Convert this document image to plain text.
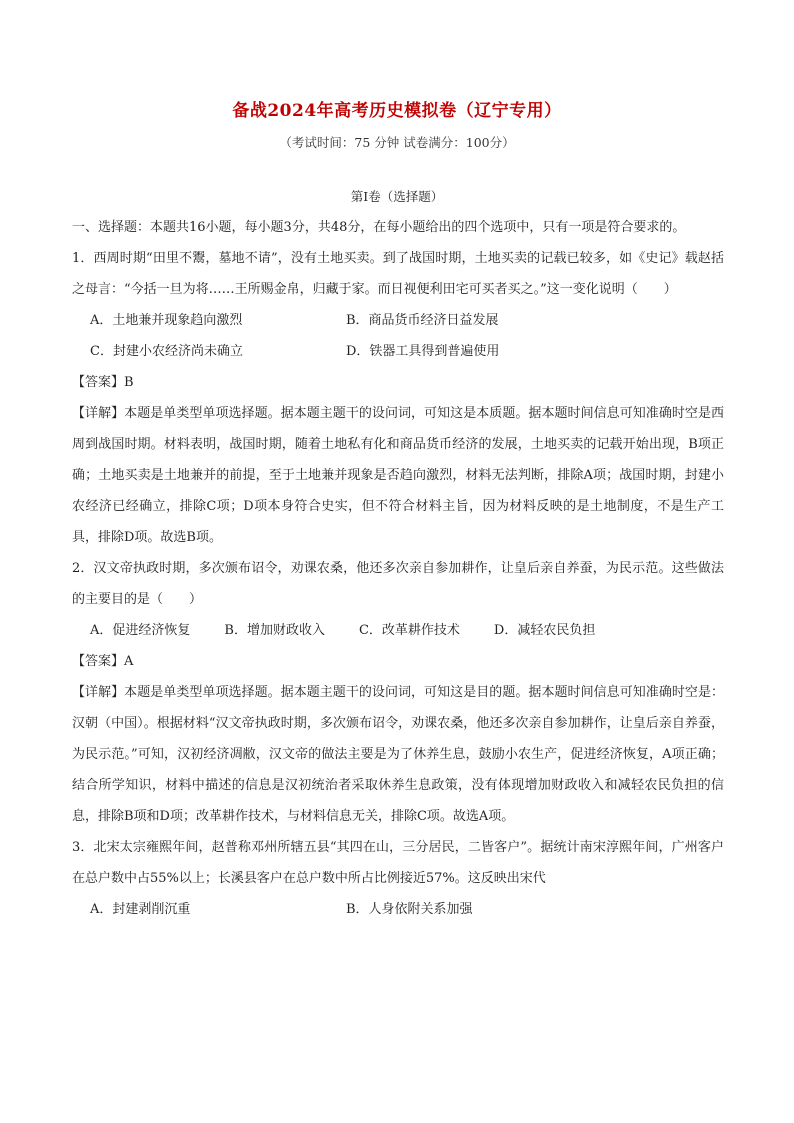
备战2024年高考历史模拟卷（辽宁专用）
（考试时间：75 分钟 试卷满分：100分）
第I卷（选择题）

一、选择题：本题共16小题，每小题3分，共48分，在每小题给出的四个选项中，只有一项是符合要求的。

1．西周时期“田里不鬻，墓地不请”，没有土地买卖。到了战国时期，土地买卖的记载已较多，如《史记》载赵括之母言：“今括一旦为将……王所赐金帛，归藏于家。而日视便利田宅可买者买之。”这一变化说明（　　）

A．土地兼并现象趋向激烈	B．商品货币经济日益发展
C．封建小农经济尚未确立	D．铁器工具得到普遍使用

【答案】B

【详解】本题是单类型单项选择题。据本题主题干的设问词，可知这是本质题。据本题时间信息可知准确时空是西周到战国时期。材料表明，战国时期，随着土地私有化和商品货币经济的发展，土地买卖的记载开始出现，B项正确；土地买卖是土地兼并的前提，至于土地兼并现象是否趋向激烈，材料无法判断，排除A项；战国时期，封建小农经济已经确立，排除C项；D项本身符合史实，但不符合材料主旨，因为材料反映的是土地制度，不是生产工具，排除D项。故选B项。

2．汉文帝执政时期，多次颁布诏令，劝课农桑，他还多次亲自参加耕作，让皇后亲自养蚕，为民示范。这些做法的主要目的是（　　）

A．促进经济恢复	B．增加财政收入	C．改革耕作技术	D．减轻农民负担

【答案】A

【详解】本题是单类型单项选择题。据本题主题干的设问词，可知这是目的题。据本题时间信息可知准确时空是：汉朝（中国）。根据材料“汉文帝执政时期，多次颁布诏令，劝课农桑，他还多次亲自参加耕作，让皇后亲自养蚕，为民示范。”可知，汉初经济凋敝，汉文帝的做法主要是为了休养生息，鼓励小农生产，促进经济恢复，A项正确；结合所学知识，材料中描述的信息是汉初统治者采取休养生息政策，没有体现增加财政收入和减轻农民负担的信息，排除B项和D项；改革耕作技术，与材料信息无关，排除C项。故选A项。

3．北宋太宗雍熙年间，赵普称邓州所辖五县“其四在山，三分居民，二皆客户”。据统计南宋淳熙年间，广州客户在总户数中占55%以上；长溪县客户在总户数中所占比例接近57%。这反映出宋代

A．封建剥削沉重	B．人身依附关系加强
